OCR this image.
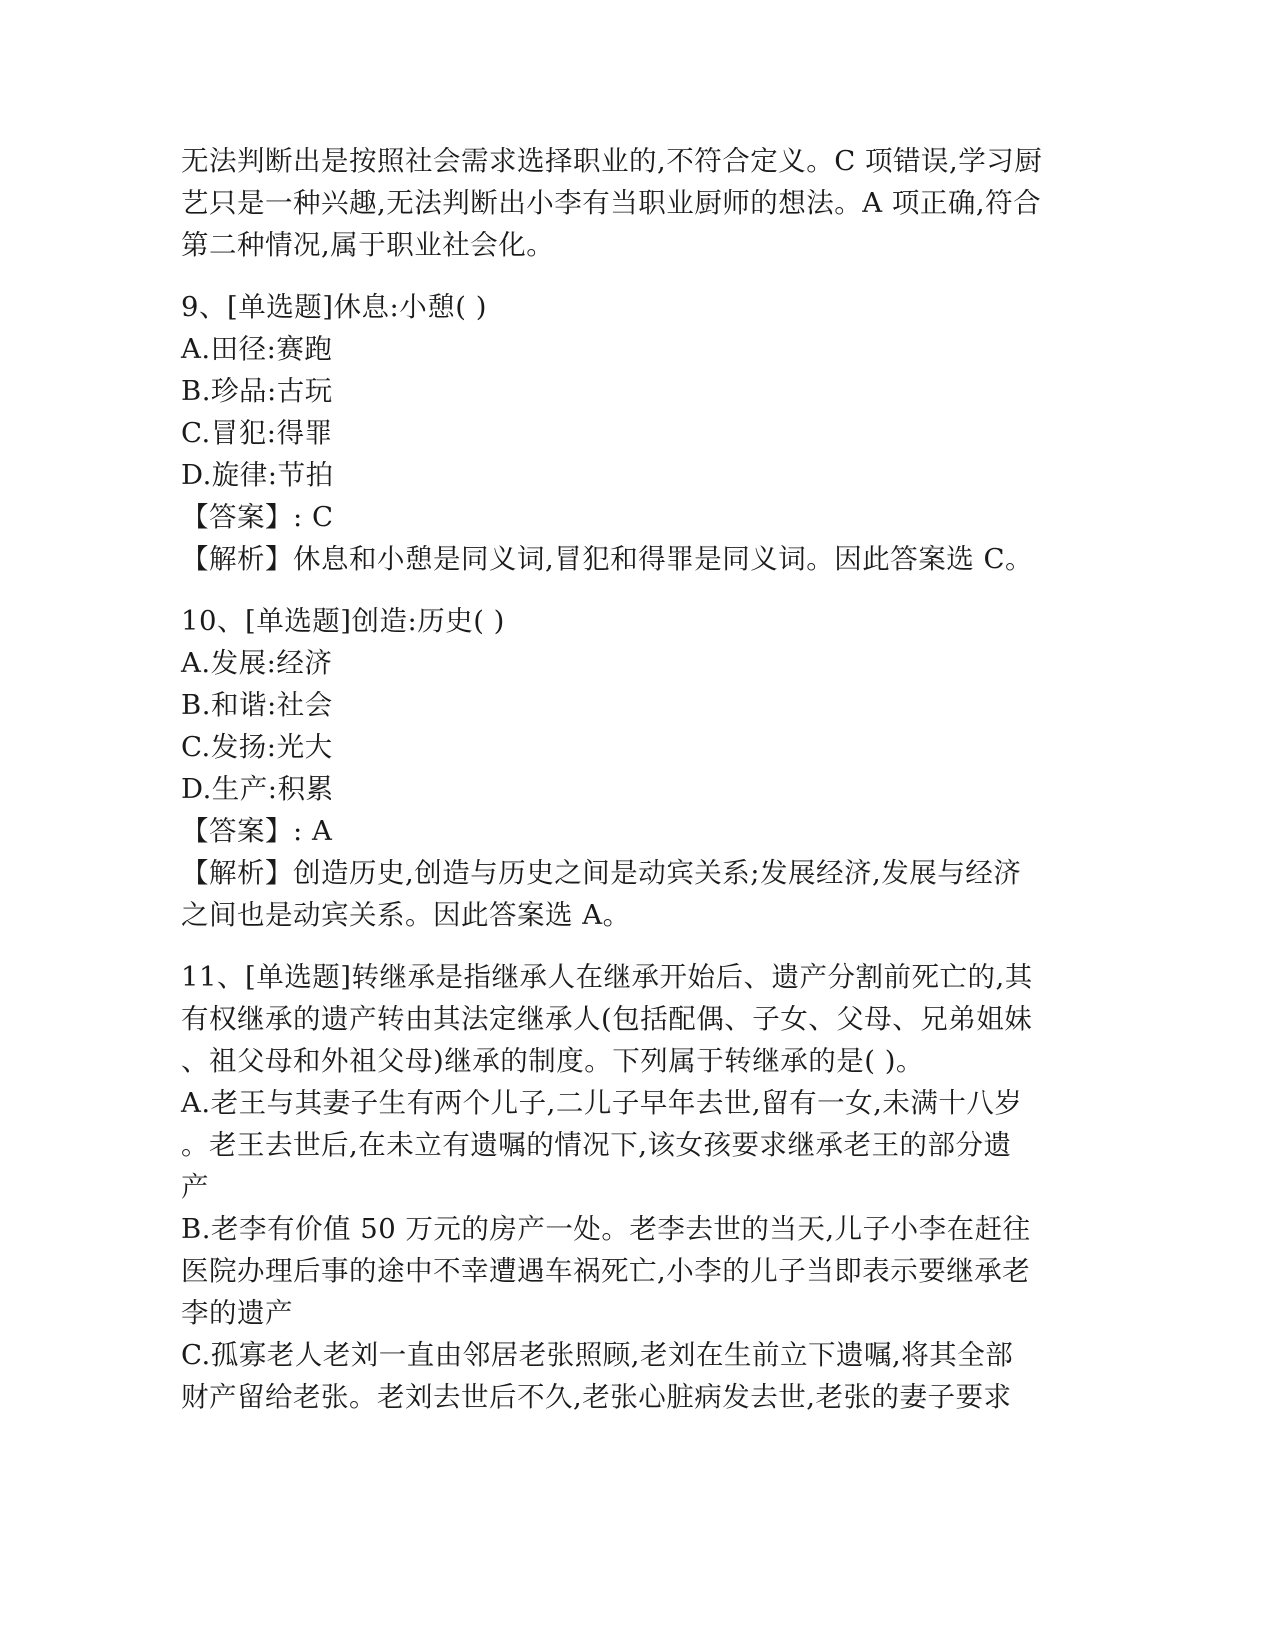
无法判断出是按照社会需求选择职业的,不符合定义。C 项错误,学习厨
艺只是一种兴趣,无法判断出小李有当职业厨师的想法。A 项正确,符合
第二种情况,属于职业社会化。
9、[单选题]休息:小憩( )
A.田径:赛跑
B.珍品:古玩
C.冒犯:得罪
D.旋律:节拍
【答案】: C
【解析】休息和小憩是同义词,冒犯和得罪是同义词。因此答案选 C。
10、[单选题]创造:历史( )
A.发展:经济
B.和谐:社会
C.发扬:光大
D.生产:积累
【答案】: A
【解析】创造历史,创造与历史之间是动宾关系;发展经济,发展与经济
之间也是动宾关系。因此答案选 A。
11、[单选题]转继承是指继承人在继承开始后、遗产分割前死亡的,其
有权继承的遗产转由其法定继承人(包括配偶、子女、父母、兄弟姐妹
、祖父母和外祖父母)继承的制度。下列属于转继承的是( )。
A.老王与其妻子生有两个儿子,二儿子早年去世,留有一女,未满十八岁
。老王去世后,在未立有遗嘱的情况下,该女孩要求继承老王的部分遗
产
B.老李有价值 50 万元的房产一处。老李去世的当天,儿子小李在赶往
医院办理后事的途中不幸遭遇车祸死亡,小李的儿子当即表示要继承老
李的遗产
C.孤寡老人老刘一直由邻居老张照顾,老刘在生前立下遗嘱,将其全部
财产留给老张。老刘去世后不久,老张心脏病发去世,老张的妻子要求
